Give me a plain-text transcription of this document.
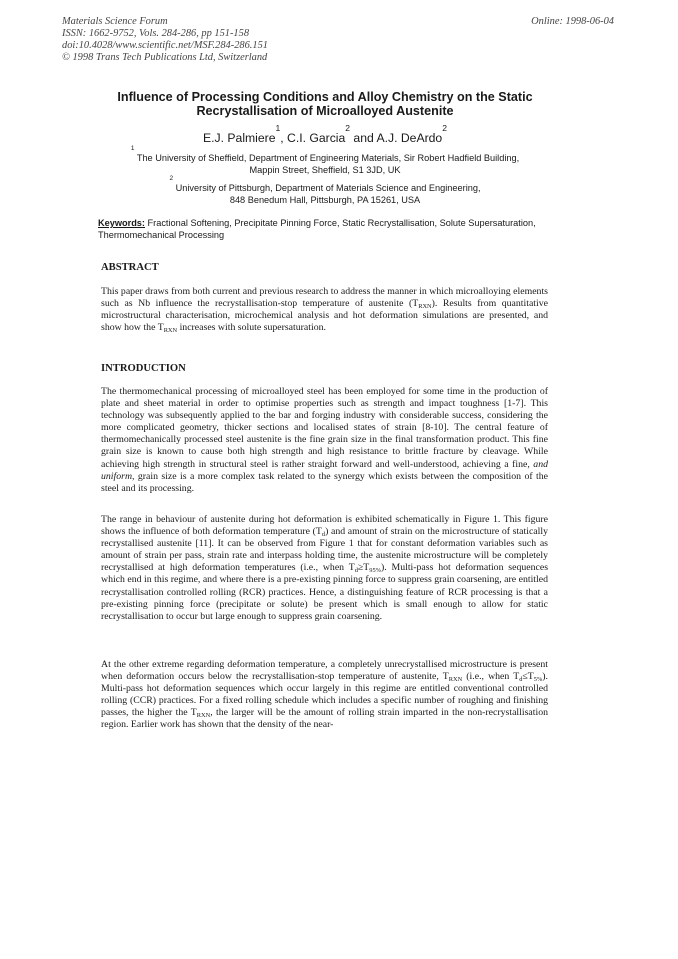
Materials Science Forum
ISSN: 1662-9752, Vols. 284-286, pp 151-158
doi:10.4028/www.scientific.net/MSF.284-286.151
© 1998 Trans Tech Publications Ltd, Switzerland
Online: 1998-06-04
Influence of Processing Conditions and Alloy Chemistry on the Static
Recrystallisation of Microalloyed Austenite
E.J. Palmiere$^1$, C.I. Garcia$^2$ and A.J. DeArdo$^2$
$^1$ The University of Sheffield, Department of Engineering Materials, Sir Robert Hadfield Building,
Mappin Street, Sheffield, S1 3JD, UK
$^2$ University of Pittsburgh, Department of Materials Science and Engineering,
848 Benedum Hall, Pittsburgh, PA 15261, USA
Keywords: Fractional Softening, Precipitate Pinning Force, Static Recrystallisation, Solute Supersaturation, Thermomechanical Processing
ABSTRACT
This paper draws from both current and previous research to address the manner in which microalloying elements such as Nb influence the recrystallisation-stop temperature of austenite $(T_{RXN})$. Results from quantitative microstructural characterisation, microchemical analysis and hot deformation simulations are presented, and show how the $T_{RXN}$ increases with solute supersaturation.
INTRODUCTION
The thermomechanical processing of microalloyed steel has been employed for some time in the production of plate and sheet material in order to optimise properties such as strength and impact toughness [1-7]. This technology was subsequently applied to the bar and forging industry with considerable success, considering the more complicated geometry, thicker sections and localised states of strain [8-10]. The central feature of thermomechanically processed steel austenite is the fine grain size in the final transformation product. This fine grain size is known to cause both high strength and high resistance to brittle fracture by cleavage. While achieving high strength in structural steel is rather straight forward and well-understood, achieving a fine, and uniform, grain size is a more complex task related to the synergy which exists between the composition of the steel and its processing.
The range in behaviour of austenite during hot deformation is exhibited schematically in Figure 1. This figure shows the influence of both deformation temperature $(T_d)$ and amount of strain on the microstructure of statically recrystallised austenite [11]. It can be observed from Figure 1 that for constant deformation variables such as amount of strain per pass, strain rate and interpass holding time, the austenite microstructure will be completely recrystallised at high deformation temperatures (i.e., when $T_d\ge T_{95\%}$). Multi-pass hot deformation sequences which end in this regime, and where there is a pre-existing pinning force to suppress grain coarsening, are entitled recrystallisation controlled rolling (RCR) practices. Hence, a distinguishing feature of RCR processing is that a pre-existing pinning force (precipitate or solute) be present which is small enough to allow for static recrystallisation to occur but large enough to suppress grain coarsening.
At the other extreme regarding deformation temperature, a completely unrecrystallised microstructure is present when deformation occurs below the recrystallisation-stop temperature of austenite, $T_{RXN}$ (i.e., when $T_d\le T_{5\%}$). Multi-pass hot deformation sequences which occur largely in this regime are entitled conventional controlled rolling (CCR) practices. For a fixed rolling schedule which includes a specific number of roughing and finishing passes, the higher the $T_{RXN}$, the larger will be the amount of rolling strain imparted in the non-recrystallisation region. Earlier work has shown that the density of the near-
